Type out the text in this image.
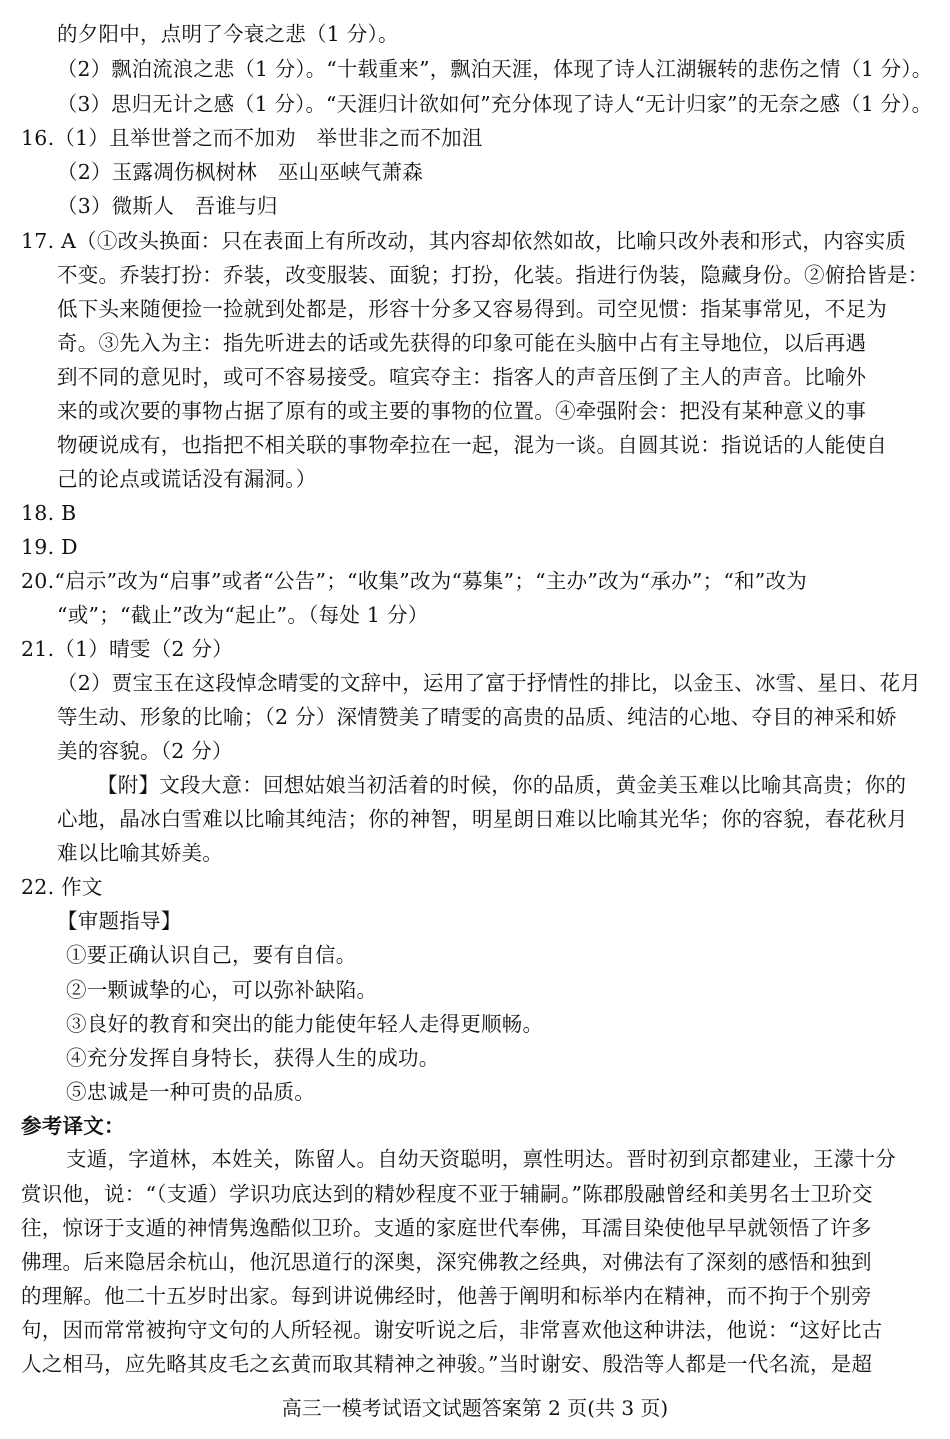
的夕阳中，点明了今衰之悲（1 分）。
（2）飘泊流浪之悲（1 分）。“十载重来”，飘泊天涯，体现了诗人江湖辗转的悲伤之情（1 分）。
（3）思归无计之感（1 分）。“天涯归计欲如何”充分体现了诗人“无计归家”的无奈之感（1 分）。
16.（1）且举世誉之而不加劝　举世非之而不加沮
（2）玉露凋伤枫树林　巫山巫峡气萧森
（3）微斯人　吾谁与归
17. A（①改头换面：只在表面上有所改动，其内容却依然如故，比喻只改外表和形式，内容实质
不变。乔装打扮：乔装，改变服装、面貌；打扮，化装。指进行伪装，隐藏身份。②俯拾皆是：
低下头来随便捡一捡就到处都是，形容十分多又容易得到。司空见惯：指某事常见，不足为
奇。③先入为主：指先听进去的话或先获得的印象可能在头脑中占有主导地位，以后再遇
到不同的意见时，或可不容易接受。喧宾夺主：指客人的声音压倒了主人的声音。比喻外
来的或次要的事物占据了原有的或主要的事物的位置。④牵强附会：把没有某种意义的事
物硬说成有，也指把不相关联的事物牵拉在一起，混为一谈。自圆其说：指说话的人能使自
己的论点或谎话没有漏洞。）
18. B
19. D
20.“启示”改为“启事”或者“公告”；“收集”改为“募集”；“主办”改为“承办”；“和”改为
“或”；“截止”改为“起止”。（每处 1 分）
21.（1）晴雯（2 分）
（2）贾宝玉在这段悼念晴雯的文辞中，运用了富于抒情性的排比，以金玉、冰雪、星日、花月
等生动、形象的比喻；（2 分）深情赞美了晴雯的高贵的品质、纯洁的心地、夺目的神采和娇
美的容貌。（2 分）
【附】文段大意：回想姑娘当初活着的时候，你的品质，黄金美玉难以比喻其高贵；你的
心地，晶冰白雪难以比喻其纯洁；你的神智，明星朗日难以比喻其光华；你的容貌，春花秋月
难以比喻其娇美。
22. 作文
【审题指导】
①要正确认识自己，要有自信。
②一颗诚挚的心，可以弥补缺陷。
③良好的教育和突出的能力能使年轻人走得更顺畅。
④充分发挥自身特长，获得人生的成功。
⑤忠诚是一种可贵的品质。
参考译文：
支遁，字道林，本姓关，陈留人。自幼天资聪明，禀性明达。晋时初到京都建业，王濛十分
赏识他，说：“（支遁）学识功底达到的精妙程度不亚于辅嗣。”陈郡殷融曾经和美男名士卫玠交
往，惊讶于支遁的神情隽逸酷似卫玠。支遁的家庭世代奉佛，耳濡目染使他早早就领悟了许多
佛理。后来隐居余杭山，他沉思道行的深奥，深究佛教之经典，对佛法有了深刻的感悟和独到
的理解。他二十五岁时出家。每到讲说佛经时，他善于阐明和标举内在精神，而不拘于个别旁
句，因而常常被拘守文句的人所轻视。谢安听说之后，非常喜欢他这种讲法，他说：“这好比古
人之相马，应先略其皮毛之玄黄而取其精神之神骏。”当时谢安、殷浩等人都是一代名流，是超
高三一模考试语文试题答案第 2 页(共 3 页)
